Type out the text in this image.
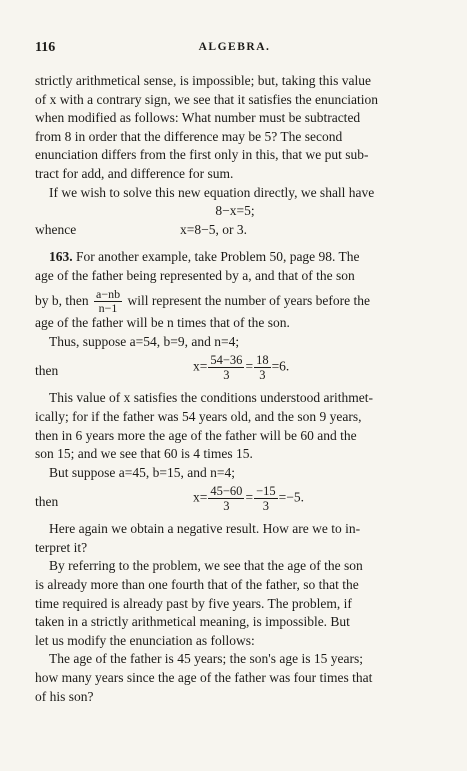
116	ALGEBRA.
strictly arithmetical sense, is impossible; but, taking this value
of x with a contrary sign, we see that it satisfies the enunciation
when modified as follows: What number must be subtracted
from 8 in order that the difference may be 5? The second
enunciation differs from the first only in this, that we put sub-
tract for add, and difference for sum.
If we wish to solve this new equation directly, we shall have
8−x=5;
whence	x=8−5, or 3.
163. For another example, take Problem 50, page 98. The
age of the father being represented by a, and that of the son
by b, then $\frac{a-nb}{n-1}$ will represent the number of years before the
age of the father will be n times that of the son.
Thus, suppose a=54, b=9, and n=4;
then	$x= \frac{54-36}{3} = \frac{18}{3} =6$.
This value of x satisfies the conditions understood arithmet-
ically; for if the father was 54 years old, and the son 9 years,
then in 6 years more the age of the father will be 60 and the
son 15; and we see that 60 is 4 times 15.
But suppose a=45, b=15, and n=4;
then	$x= \frac{45-60}{3} = \frac{-15}{3} =-5$.
Here again we obtain a negative result. How are we to in-
terpret it?
By referring to the problem, we see that the age of the son
is already more than one fourth that of the father, so that the
time required is already past by five years. The problem, if
taken in a strictly arithmetical meaning, is impossible. But
let us modify the enunciation as follows:
The age of the father is 45 years; the son's age is 15 years;
how many years since the age of the father was four times that
of his son?
